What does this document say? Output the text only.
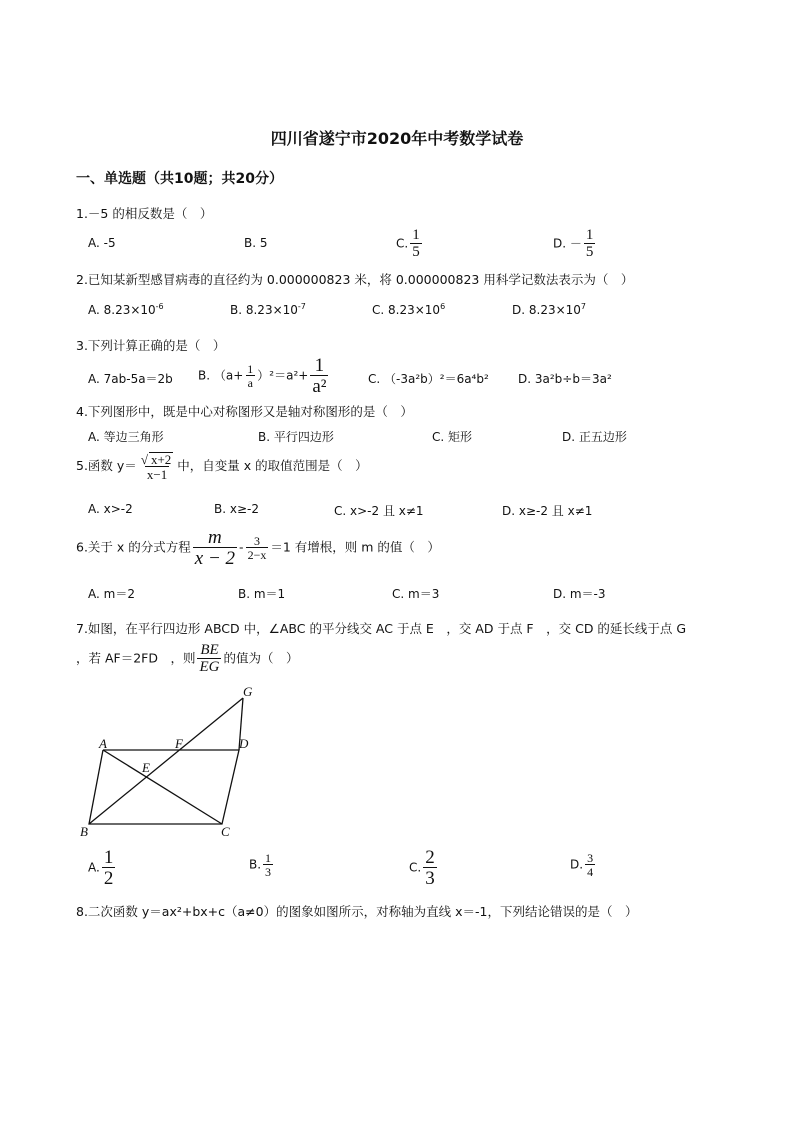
四川省遂宁市2020年中考数学试卷
一、单选题（共10题；共20分）
1.－5 的相反数是（　）
A. -5	B. 5	C. $\frac{1}{5}$	D. － $\frac{1}{5}$
2.已知某新型感冒病毒的直径约为 0.000000823 米，将 0.000000823 用科学记数法表示为（　）
A. $8.23\times 10^{-6}$	B. $8.23\times 10^{-7}$	C. $8.23\times 10^6$	D. $8.23\times 10^7$
3.下列计算正确的是（　）
A. 7ab-5a＝2b B. $(a+ \frac{1}{a} )^2=a^2+ \frac{1}{\text{a²}}$	C. （-3a²b）²＝6a⁴b² D. 3a²b÷b＝3a²
4.下列图形中，既是中心对称图形又是轴对称图形的是（　）
A. 等边三角形	B. 平行四边形	C. 矩形	D. 正五边形
5.函数 $y= \frac{√ x+2}{x-1}$ 中，自变量 x 的取值范围是（　）
A. x>-2	B. x≥-2	C. x>-2 且 x≠1	D. x≥-2 且 x≠1
6.关于 x 的分式方程 $\frac{m}{x - 2} - \frac{3}{2-x} =1$ 有增根，则 m 的值（　）
A. m＝2	B. m＝1	C. m＝3	D. m＝-3
7.如图，在平行四边形 ABCD 中，∠ABC 的平分线交 AC 于点 E　，交 AD 于点 F　，交 CD 的延长线于点 G
，若 AF＝2FD　，则 $\frac{BE}{EG}$ 的值为（　）
A
B	C
D
E
F
G
A. $\frac{1}{2}$	B. $\frac{1}{3}$	C. $\frac{2}{3}$	D. $\frac{3}{4}$
8.二次函数 y＝ax²+bx+c（a≠0）的图象如图所示，对称轴为直线 x＝-1，下列结论错误的是（　）
